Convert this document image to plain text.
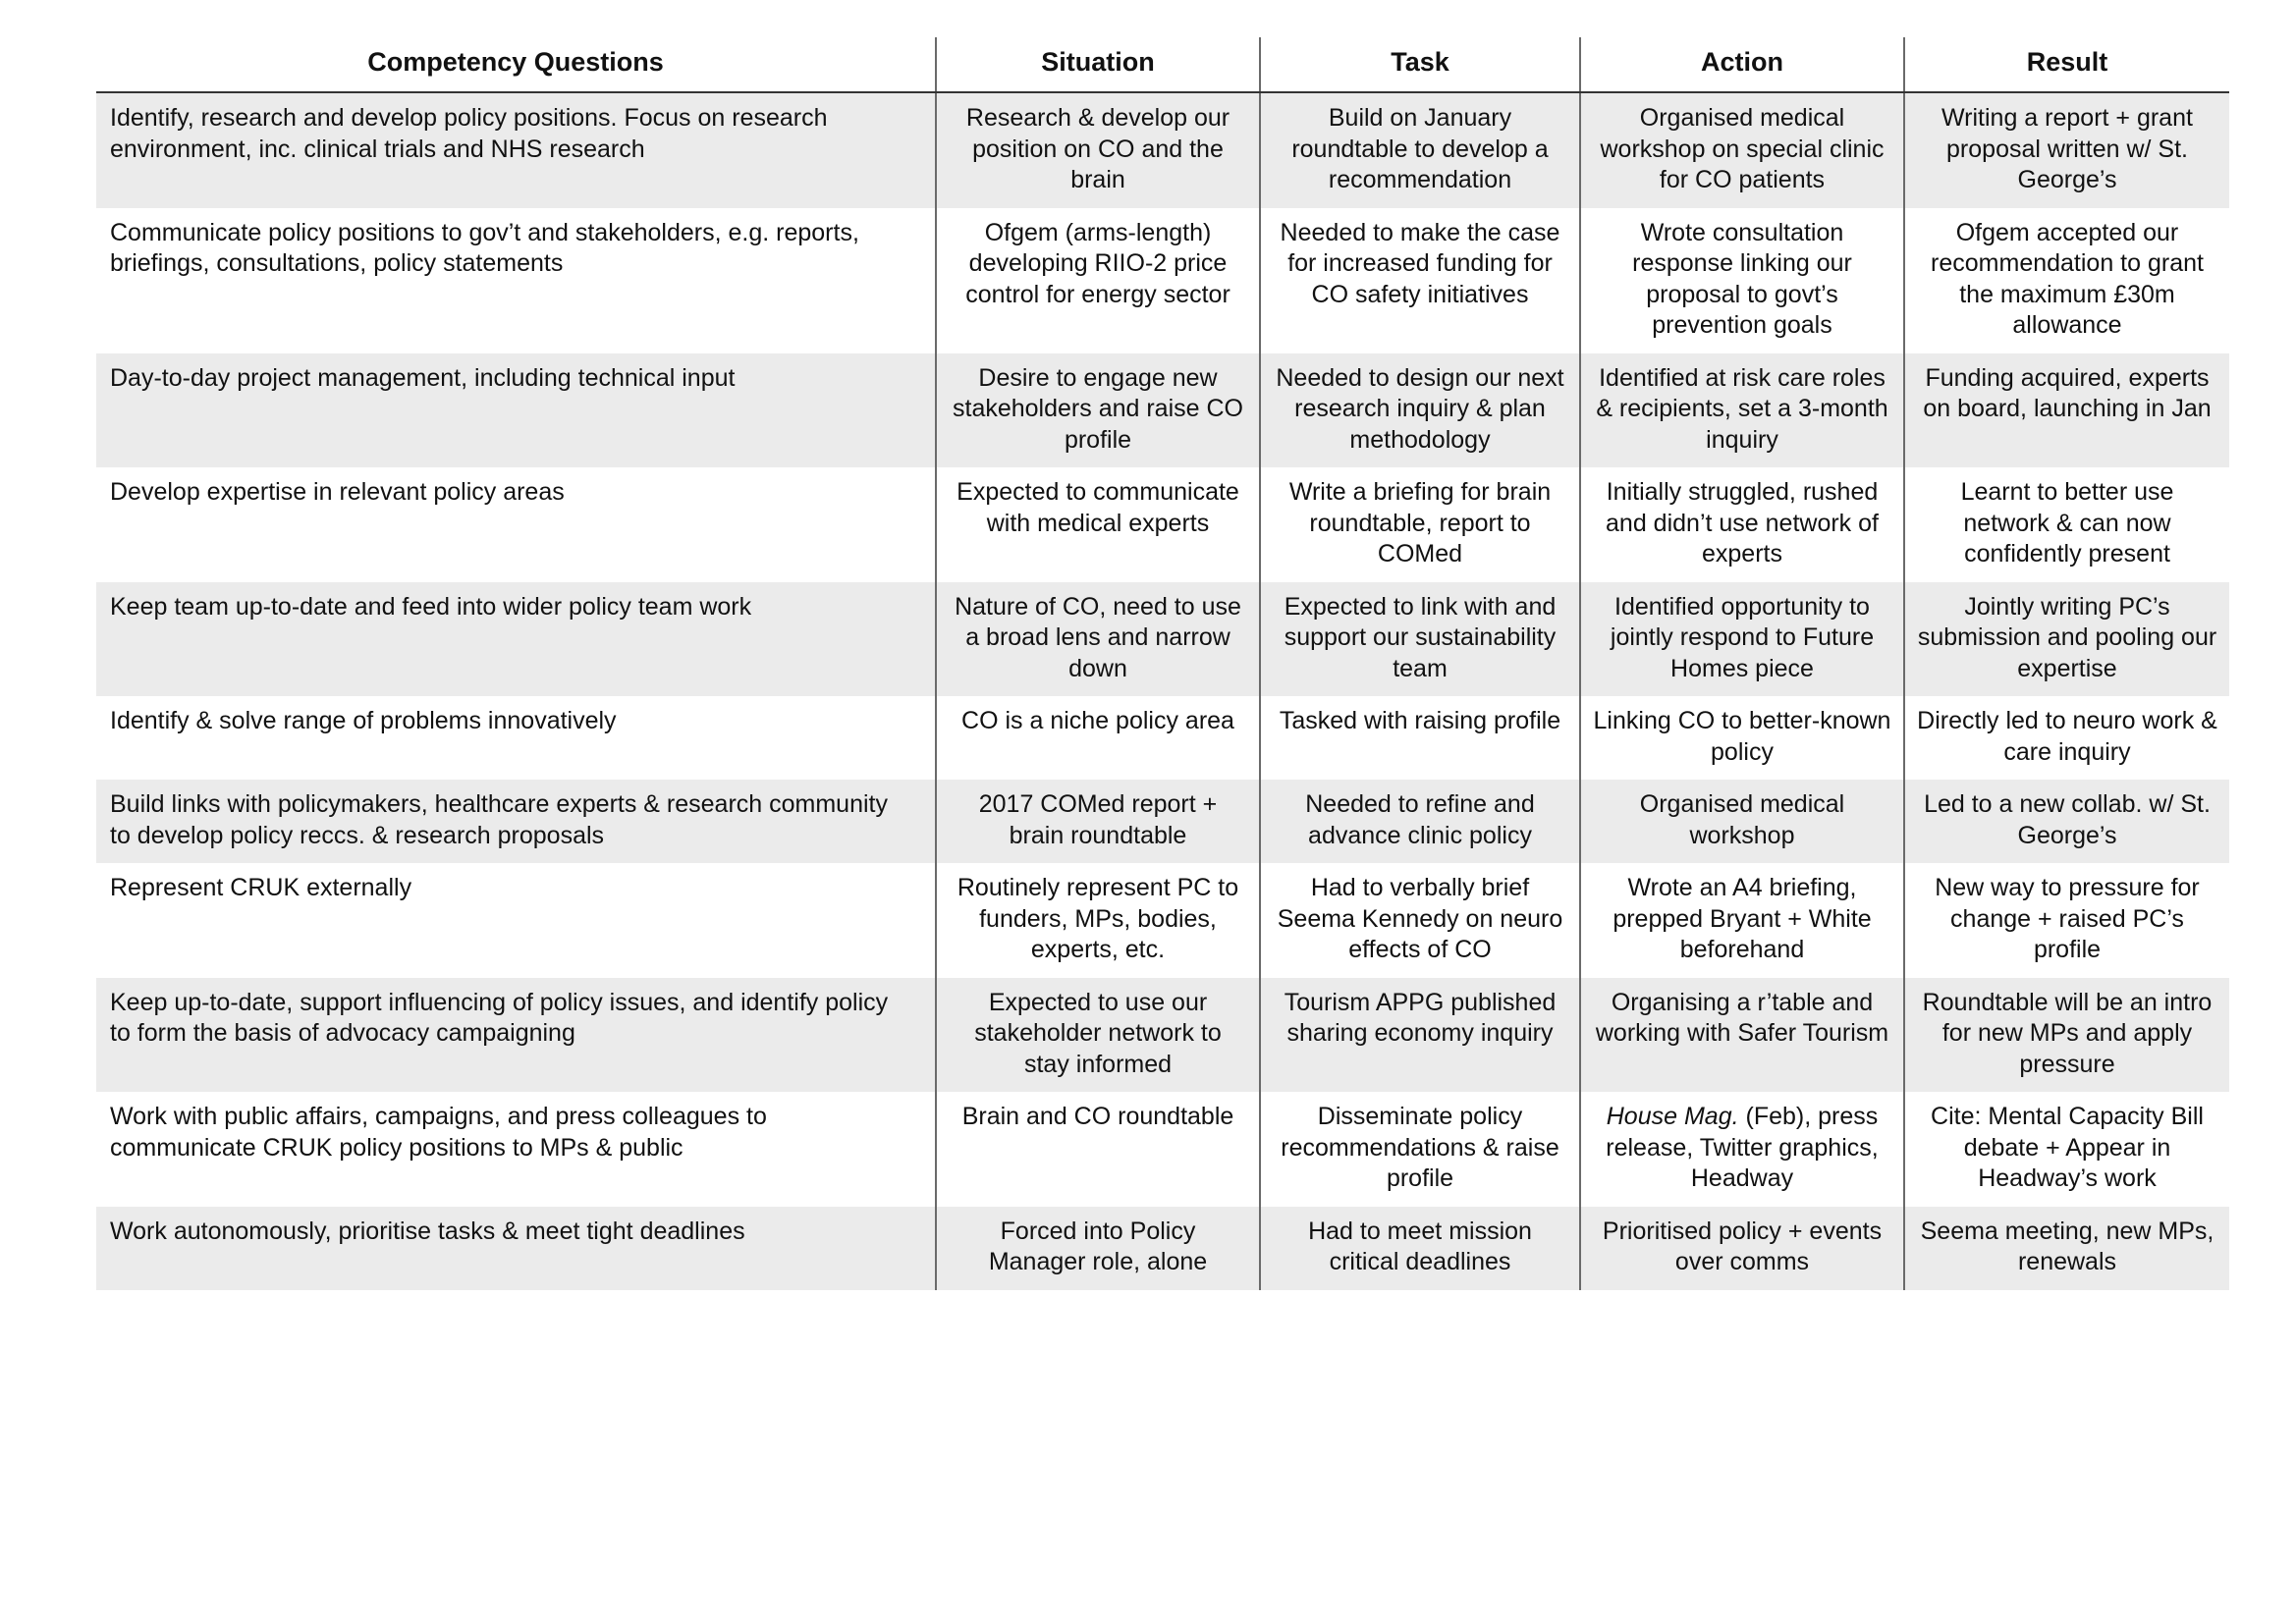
Competency Questions	Situation	Task	Action	Result
Identify, research and develop policy positions. Focus on research environment, inc. clinical trials and NHS research	Research & develop our position on CO and the brain	Build on January roundtable to develop a recommendation	Organised medical workshop on special clinic for CO patients	Writing a report + grant proposal written w/ St. George’s
Communicate policy positions to gov’t and stakeholders, e.g. reports, briefings, consultations, policy statements	Ofgem (arms-length) developing RIIO-2 price control for energy sector	Needed to make the case for increased funding for CO safety initiatives	Wrote consultation response linking our proposal to govt’s prevention goals	Ofgem accepted our recommendation to grant the maximum £30m allowance
Day-to-day project management, including technical input	Desire to engage new stakeholders and raise CO profile	Needed to design our next research inquiry & plan methodology	Identified at risk care roles & recipients, set a 3-month inquiry	Funding acquired, experts on board, launching in Jan
Develop expertise in relevant policy areas	Expected to communicate with medical experts	Write a briefing for brain roundtable, report to COMed	Initially struggled, rushed and didn’t use network of experts	Learnt to better use network & can now confidently present
Keep team up-to-date and feed into wider policy team work	Nature of CO, need to use a broad lens and narrow down	Expected to link with and support our sustainability team	Identified opportunity to jointly respond to Future Homes piece	Jointly writing PC’s submission and pooling our expertise
Identify & solve range of problems innovatively	CO is a niche policy area	Tasked with raising profile	Linking CO to better-known policy	Directly led to neuro work & care inquiry
Build links with policymakers, healthcare experts & research community to develop policy reccs. & research proposals	2017 COMed report + brain roundtable	Needed to refine and advance clinic policy	Organised medical workshop	Led to a new collab. w/ St. George’s
Represent CRUK externally	Routinely represent PC to funders, MPs, bodies, experts, etc.	Had to verbally brief Seema Kennedy on neuro effects of CO	Wrote an A4 briefing, prepped Bryant + White beforehand	New way to pressure for change + raised PC’s profile
Keep up-to-date, support influencing of policy issues, and identify policy to form the basis of advocacy campaigning	Expected to use our stakeholder network to stay informed	Tourism APPG published sharing economy inquiry	Organising a r’table and working with Safer Tourism	Roundtable will be an intro for new MPs and apply pressure
Work with public affairs, campaigns, and press colleagues to communicate CRUK policy positions to MPs & public	Brain and CO roundtable	Disseminate policy recommendations & raise profile	House Mag. (Feb), press release, Twitter graphics, Headway	Cite: Mental Capacity Bill debate + Appear in Headway’s work
Work autonomously, prioritise tasks & meet tight deadlines	Forced into Policy Manager role, alone	Had to meet mission critical deadlines	Prioritised policy + events over comms	Seema meeting, new MPs, renewals
